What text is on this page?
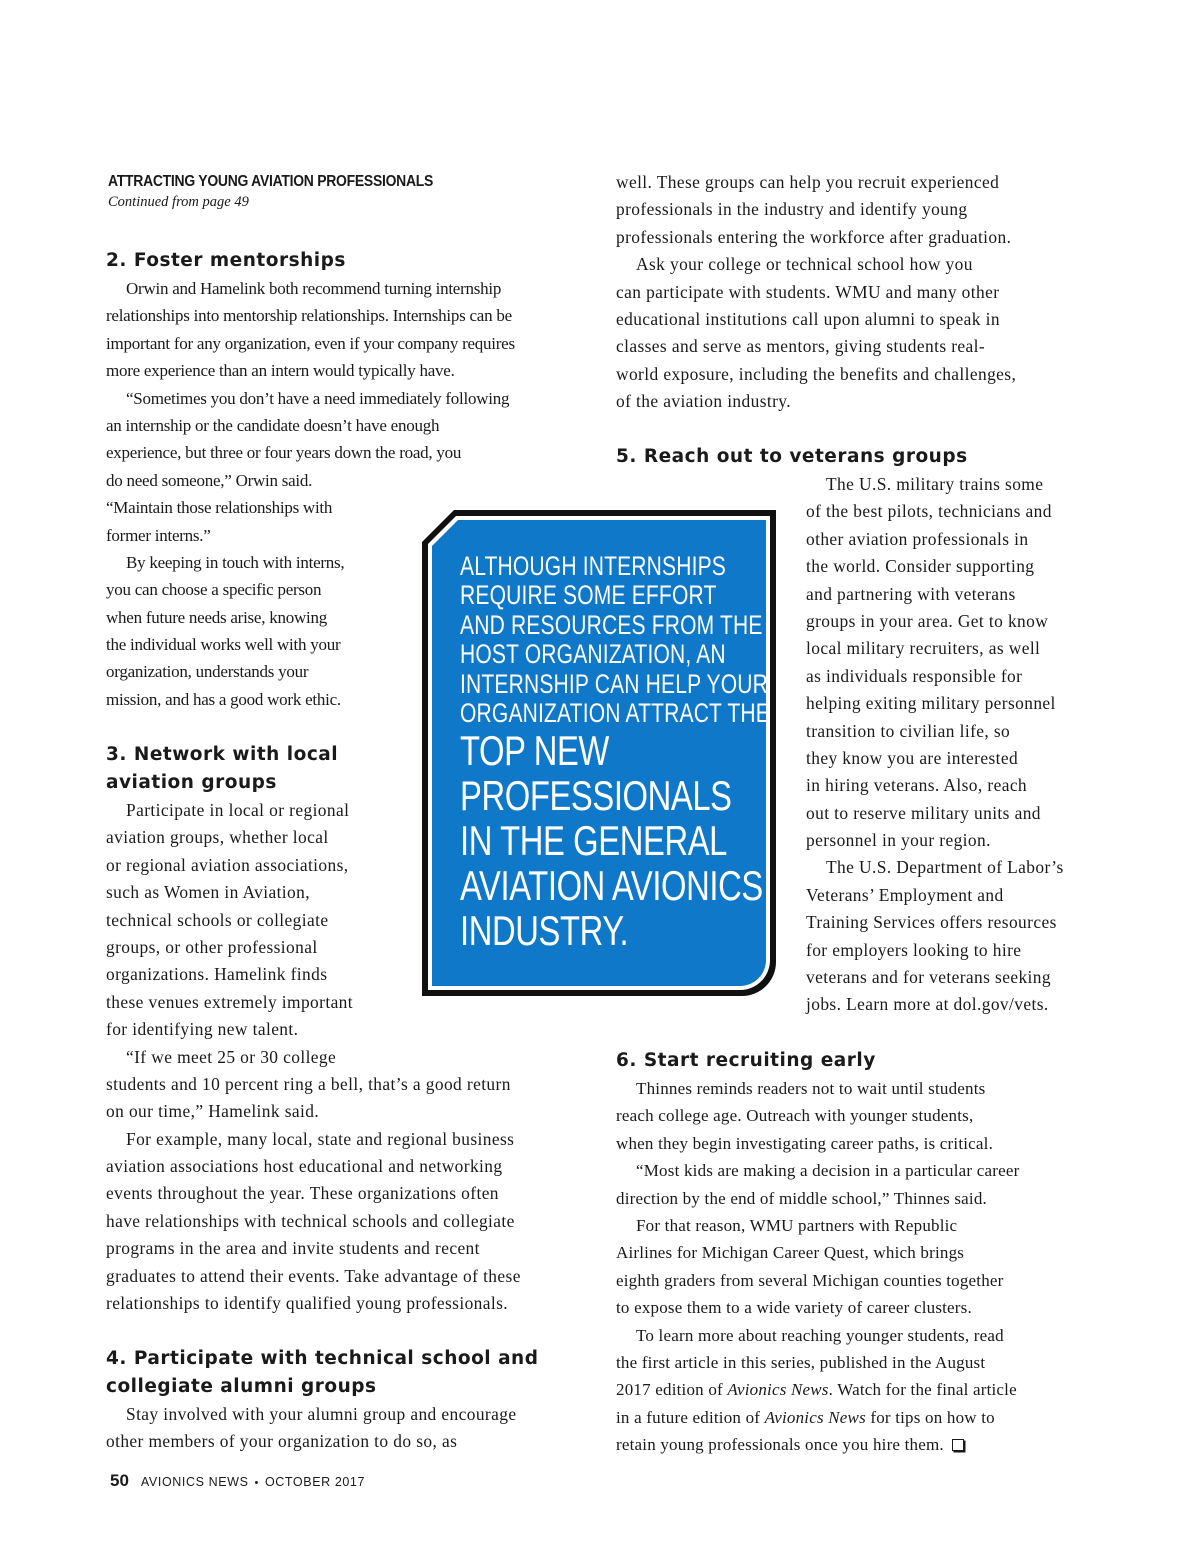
ATTRACTING YOUNG AVIATION PROFESSIONALS
Continued from page 49
2. Foster mentorships
Orwin and Hamelink both recommend turning internship
relationships into mentorship relationships. Internships can be
important for any organization, even if your company requires
more experience than an intern would typically have.
“Sometimes you don’t have a need immediately following
an internship or the candidate doesn’t have enough
experience, but three or four years down the road, you
do need someone,” Orwin said.
“Maintain those relationships with
former interns.”
By keeping in touch with interns,
you can choose a specific person
when future needs arise, knowing
the individual works well with your
organization, understands your
mission, and has a good work ethic.
3. Network with local
aviation groups
Participate in local or regional
aviation groups, whether local
or regional aviation associations,
such as Women in Aviation,
technical schools or collegiate
groups, or other professional
organizations. Hamelink finds
these venues extremely important
for identifying new talent.
“If we meet 25 or 30 college
students and 10 percent ring a bell, that’s a good return
on our time,” Hamelink said.
For example, many local, state and regional business
aviation associations host educational and networking
events throughout the year. These organizations often
have relationships with technical schools and collegiate
programs in the area and invite students and recent
graduates to attend their events. Take advantage of these
relationships to identify qualified young professionals.
4. Participate with technical school and
collegiate alumni groups
Stay involved with your alumni group and encourage
other members of your organization to do so, as
well. These groups can help you recruit experienced
professionals in the industry and identify young
professionals entering the workforce after graduation.
Ask your college or technical school how you
can participate with students. WMU and many other
educational institutions call upon alumni to speak in
classes and serve as mentors, giving students real-
world exposure, including the benefits and challenges,
of the aviation industry.
5. Reach out to veterans groups
The U.S. military trains some
of the best pilots, technicians and
other aviation professionals in
the world. Consider supporting
and partnering with veterans
groups in your area. Get to know
local military recruiters, as well
as individuals responsible for
helping exiting military personnel
transition to civilian life, so
they know you are interested
in hiring veterans. Also, reach
out to reserve military units and
personnel in your region.
The U.S. Department of Labor’s
Veterans’ Employment and
Training Services offers resources
for employers looking to hire
veterans and for veterans seeking
jobs. Learn more at dol.gov/vets.
6. Start recruiting early
Thinnes reminds readers not to wait until students
reach college age. Outreach with younger students,
when they begin investigating career paths, is critical.
“Most kids are making a decision in a particular career
direction by the end of middle school,” Thinnes said.
For that reason, WMU partners with Republic
Airlines for Michigan Career Quest, which brings
eighth graders from several Michigan counties together
to expose them to a wide variety of career clusters.
To learn more about reaching younger students, read
the first article in this series, published in the August
2017 edition of Avionics News. Watch for the final article
in a future edition of Avionics News for tips on how to
retain young professionals once you hire them.
ALTHOUGH INTERNSHIPS
REQUIRE SOME EFFORT
AND RESOURCES FROM THE
HOST ORGANIZATION, AN
INTERNSHIP CAN HELP YOUR
ORGANIZATION ATTRACT THE
TOP NEW
PROFESSIONALS
IN THE GENERAL
AVIATION AVIONICS
INDUSTRY.
50 AVIONICS NEWS • OCTOBER 2017
